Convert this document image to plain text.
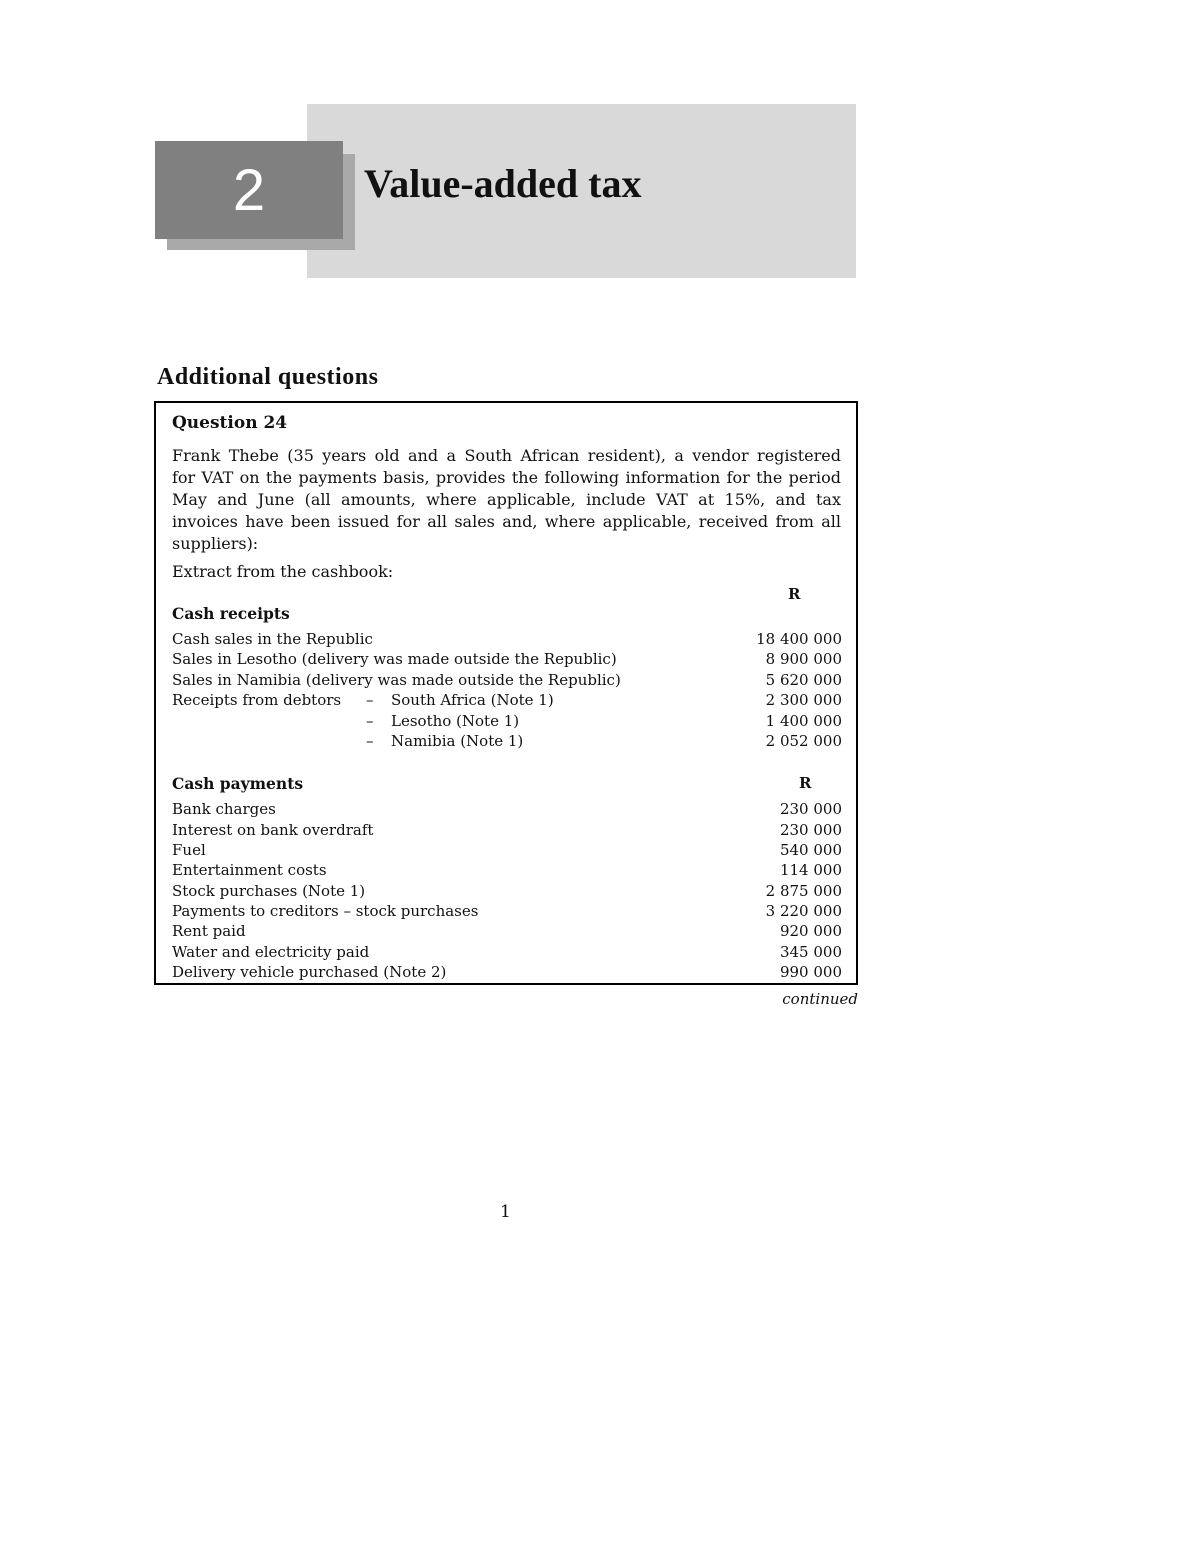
2	Value-added tax
Additional questions
Question 24
Frank Thebe (35 years old and a South African resident), a vendor registered for VAT on the payments basis, provides the following information for the period May and June (all amounts, where applicable, include VAT at 15%, and tax invoices have been issued for all sales and, where applicable, received from all suppliers):
Extract from the cashbook:
R
Cash receipts
Cash sales in the Republic	18 400 000
Sales in Lesotho (delivery was made outside the Republic)	8 900 000
Sales in Namibia (delivery was made outside the Republic)	5 620 000
Receipts from debtors – South Africa (Note 1)	2 300 000
– Lesotho (Note 1)	1 400 000
– Namibia (Note 1)	2 052 000
Cash payments	R
Bank charges	230 000
Interest on bank overdraft	230 000
Fuel	540 000
Entertainment costs	114 000
Stock purchases (Note 1)	2 875 000
Payments to creditors – stock purchases	3 220 000
Rent paid	920 000
Water and electricity paid	345 000
Delivery vehicle purchased (Note 2)	990 000
continued
1
